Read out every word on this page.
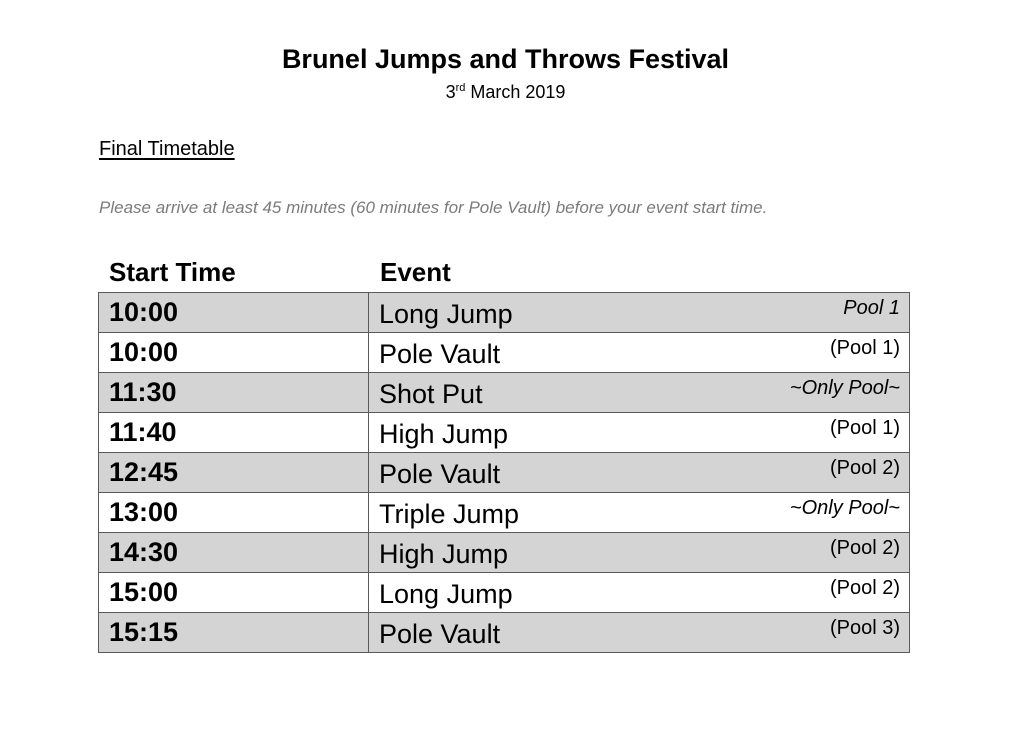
Brunel Jumps and Throws Festival
3rd March 2019
Final Timetable
Please arrive at least 45 minutes (60 minutes for Pole Vault) before your event start time.
Start Time	Event
10:00	Long Jump Pool 1

10:00	Pole Vault (Pool 1)

11:30	Shot Put ~Only Pool~

11:40	High Jump (Pool 1)

12:45	Pole Vault (Pool 2)

13:00	Triple Jump ~Only Pool~

14:30	High Jump (Pool 2)

15:00	Long Jump (Pool 2)

15:15	Pole Vault (Pool 3)
